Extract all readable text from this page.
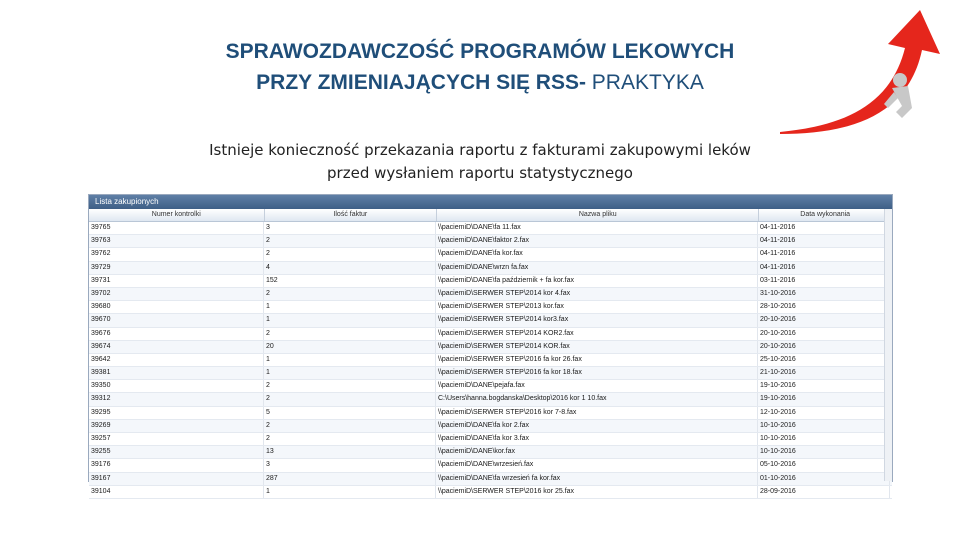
SPRAWOZDAWCZOŚĆ PROGRAMÓW LEKOWYCH
PRZY ZMIENIAJĄCYCH SIĘ RSS- PRAKTYKA
Istnieje konieczność przekazania raportu z fakturami zakupowymi leków
przed wysłaniem raportu statystycznego
Lista zakupionych
Numer kontrolki	Ilość faktur	Nazwa pliku	Data wykonania
39765	3	\\paciemiD\DANE\fa 11.fax	04-11-2016
39763	2	\\paciemiD\DANE\faktor 2.fax	04-11-2016
39762	2	\\paciemiD\DANE\fa kor.fax	04-11-2016
39729	4	\\paciemiD\DANE\wrzn fa.fax	04-11-2016
39731	152	\\paciemiD\DANE\fa październik + fa kor.fax	03-11-2016
39702	2	\\paciemiD\SERWER STEP\2014 kor 4.fax	31-10-2016
39680	1	\\paciemiD\SERWER STEP\2013 kor.fax	28-10-2016
39670	1	\\paciemiD\SERWER STEP\2014 kor3.fax	20-10-2016
39676	2	\\paciemiD\SERWER STEP\2014 KOR2.fax	20-10-2016
39674	20	\\paciemiD\SERWER STEP\2014 KOR.fax	20-10-2016
39642	1	\\paciemiD\SERWER STEP\2016 fa kor 26.fax	25-10-2016
39381	1	\\paciemiD\SERWER STEP\2016 fa kor 18.fax	21-10-2016
39350	2	\\paciemiD\DANE\pejafa.fax	19-10-2016
39312	2	C:\Users\hanna.bogdanska\Desktop\2016 kor 1 10.fax	19-10-2016
39295	5	\\paciemiD\SERWER STEP\2016 kor 7-8.fax	12-10-2016
39269	2	\\paciemiD\DANE\fa kor 2.fax	10-10-2016
39257	2	\\paciemiD\DANE\fa kor 3.fax	10-10-2016
39255	13	\\paciemiD\DANE\kor.fax	10-10-2016
39176	3	\\paciemiD\DANE\wrzesień.fax	05-10-2016
39167	287	\\paciemiD\DANE\fa wrzesień fa kor.fax	01-10-2016
39104	1	\\paciemiD\SERWER STEP\2016 kor 25.fax	28-09-2016
